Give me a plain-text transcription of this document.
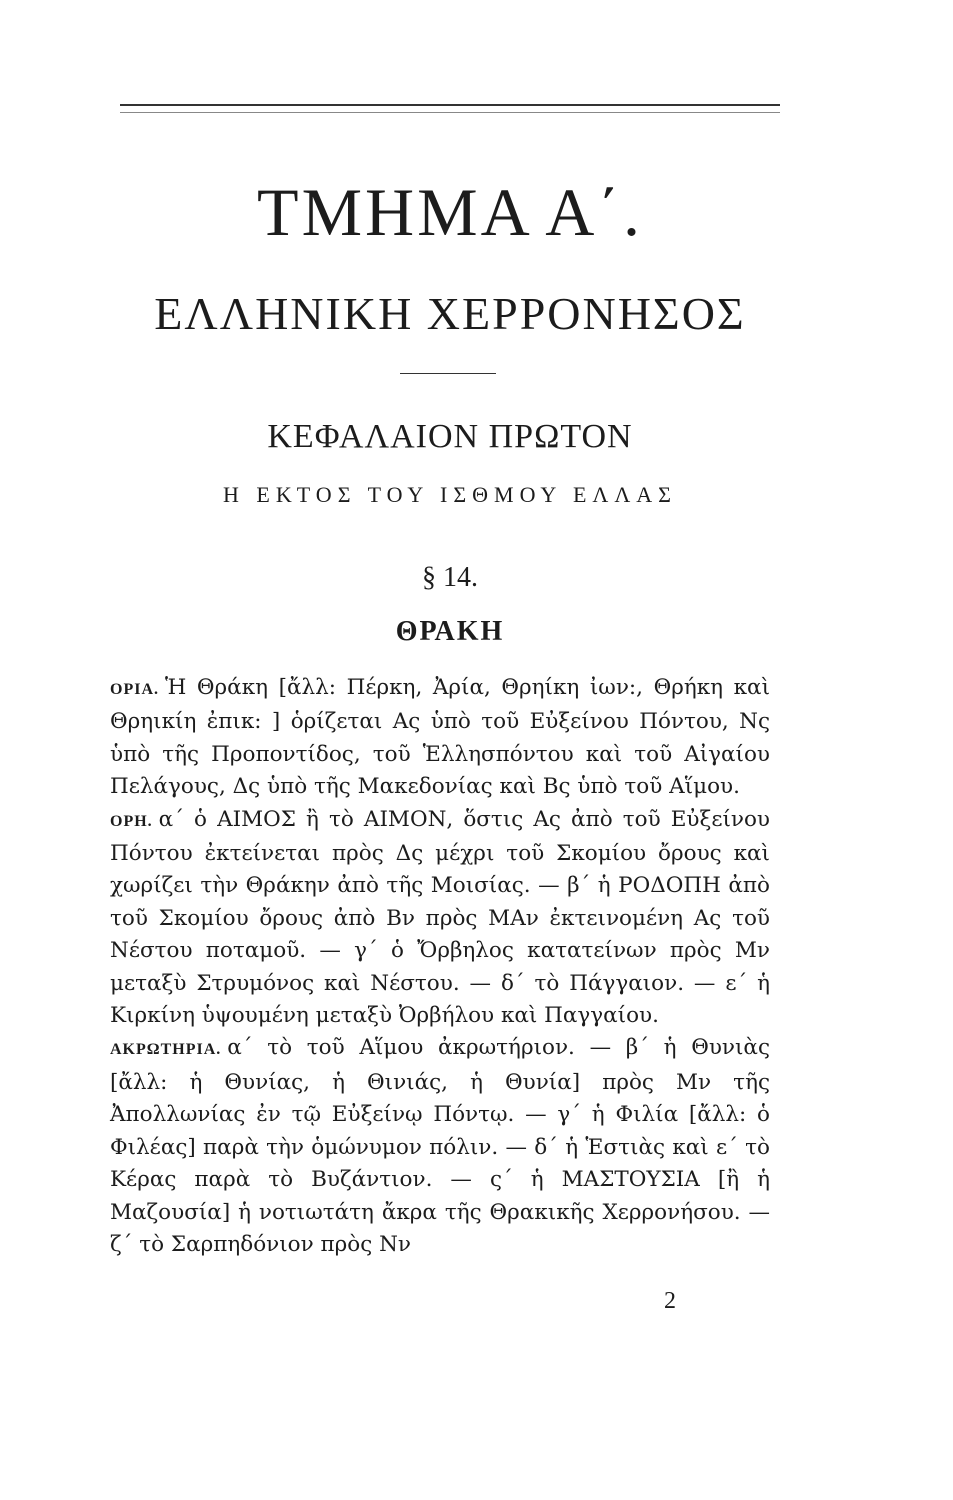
ΤΜΗΜΑ Α΄.
ΕΛΛΗΝΙΚΗ ΧΕΡΡΟΝΗΣΟΣ
ΚΕΦΑΛΑΙΟΝ ΠΡΩΤΟΝ
Η ΕΚΤΟΣ ΤΟΥ ΙΣΘΜΟΥ ΕΛΛΑΣ
§ 14.
ΘΡΑΚΗ

ΟΡΙΑ. Ἡ Θράκη [ἄλλ: Πέρκη, Ἀρία, Θρηίκη ἰων:, Θρήκη καὶ Θρηικίη ἐπικ: ] ὁρίζεται Ας ὑπὸ τοῦ Εὐξείνου Πόντου, Νς ὑπὸ τῆς Προποντίδος, τοῦ Ἑλλησπόντου καὶ τοῦ Αἰγαίου Πελάγους, Δς ὑπὸ τῆς Μακεδονίας καὶ Βς ὑπὸ τοῦ Αἵμου.

ΟΡΗ. α΄ ὁ ΑΙΜΟΣ ἢ τὸ ΑΙΜΟΝ, ὅστις Ας ἀπὸ τοῦ Εὐξείνου Πόντου ἐκτείνεται πρὸς Δς μέχρι τοῦ Σκομίου ὄρους καὶ χωρίζει τὴν Θράκην ἀπὸ τῆς Μοισίας. — β΄ ἡ ΡΟΔΟΠΗ ἀπὸ τοῦ Σκομίου ὄρους ἀπὸ Βν πρὸς ΜΑν ἐκτεινομένη Ας τοῦ Νέστου ποταμοῦ. — γ΄ ὁ Ὄρβηλος κατατείνων πρὸς Μν μεταξὺ Στρυμόνος καὶ Νέστου. — δ΄ τὸ Πάγγαιον. — ε΄ ἡ Κιρκίνη ὑψουμένη μεταξὺ Ὀρβήλου καὶ Παγγαίου.

ΑΚΡΩΤΗΡΙΑ. α΄ τὸ τοῦ Αἵμου ἀκρωτήριον. — β΄ ἡ Θυνιὰς [ἄλλ: ἡ Θυνίας, ἡ Θινιάς, ἡ Θυνία] πρὸς Μν τῆς Ἀπολλωνίας ἐν τῷ Εὐξείνῳ Πόντῳ. — γ΄ ἡ Φιλία [ἄλλ: ὁ Φιλέας] παρὰ τὴν ὁμώνυμον πόλιν. — δ΄ ἡ Ἑστιὰς καὶ ε΄ τὸ Κέρας παρὰ τὸ Βυζάντιον. — ς΄ ἡ ΜΑΣΤΟΥΣΙΑ [ἢ ἡ Μαζουσία] ἡ νοτιωτάτη ἄκρα τῆς Θρακικῆς Χερρονήσου. — ζ΄ τὸ Σαρπηδόνιον πρὸς Νν

2
